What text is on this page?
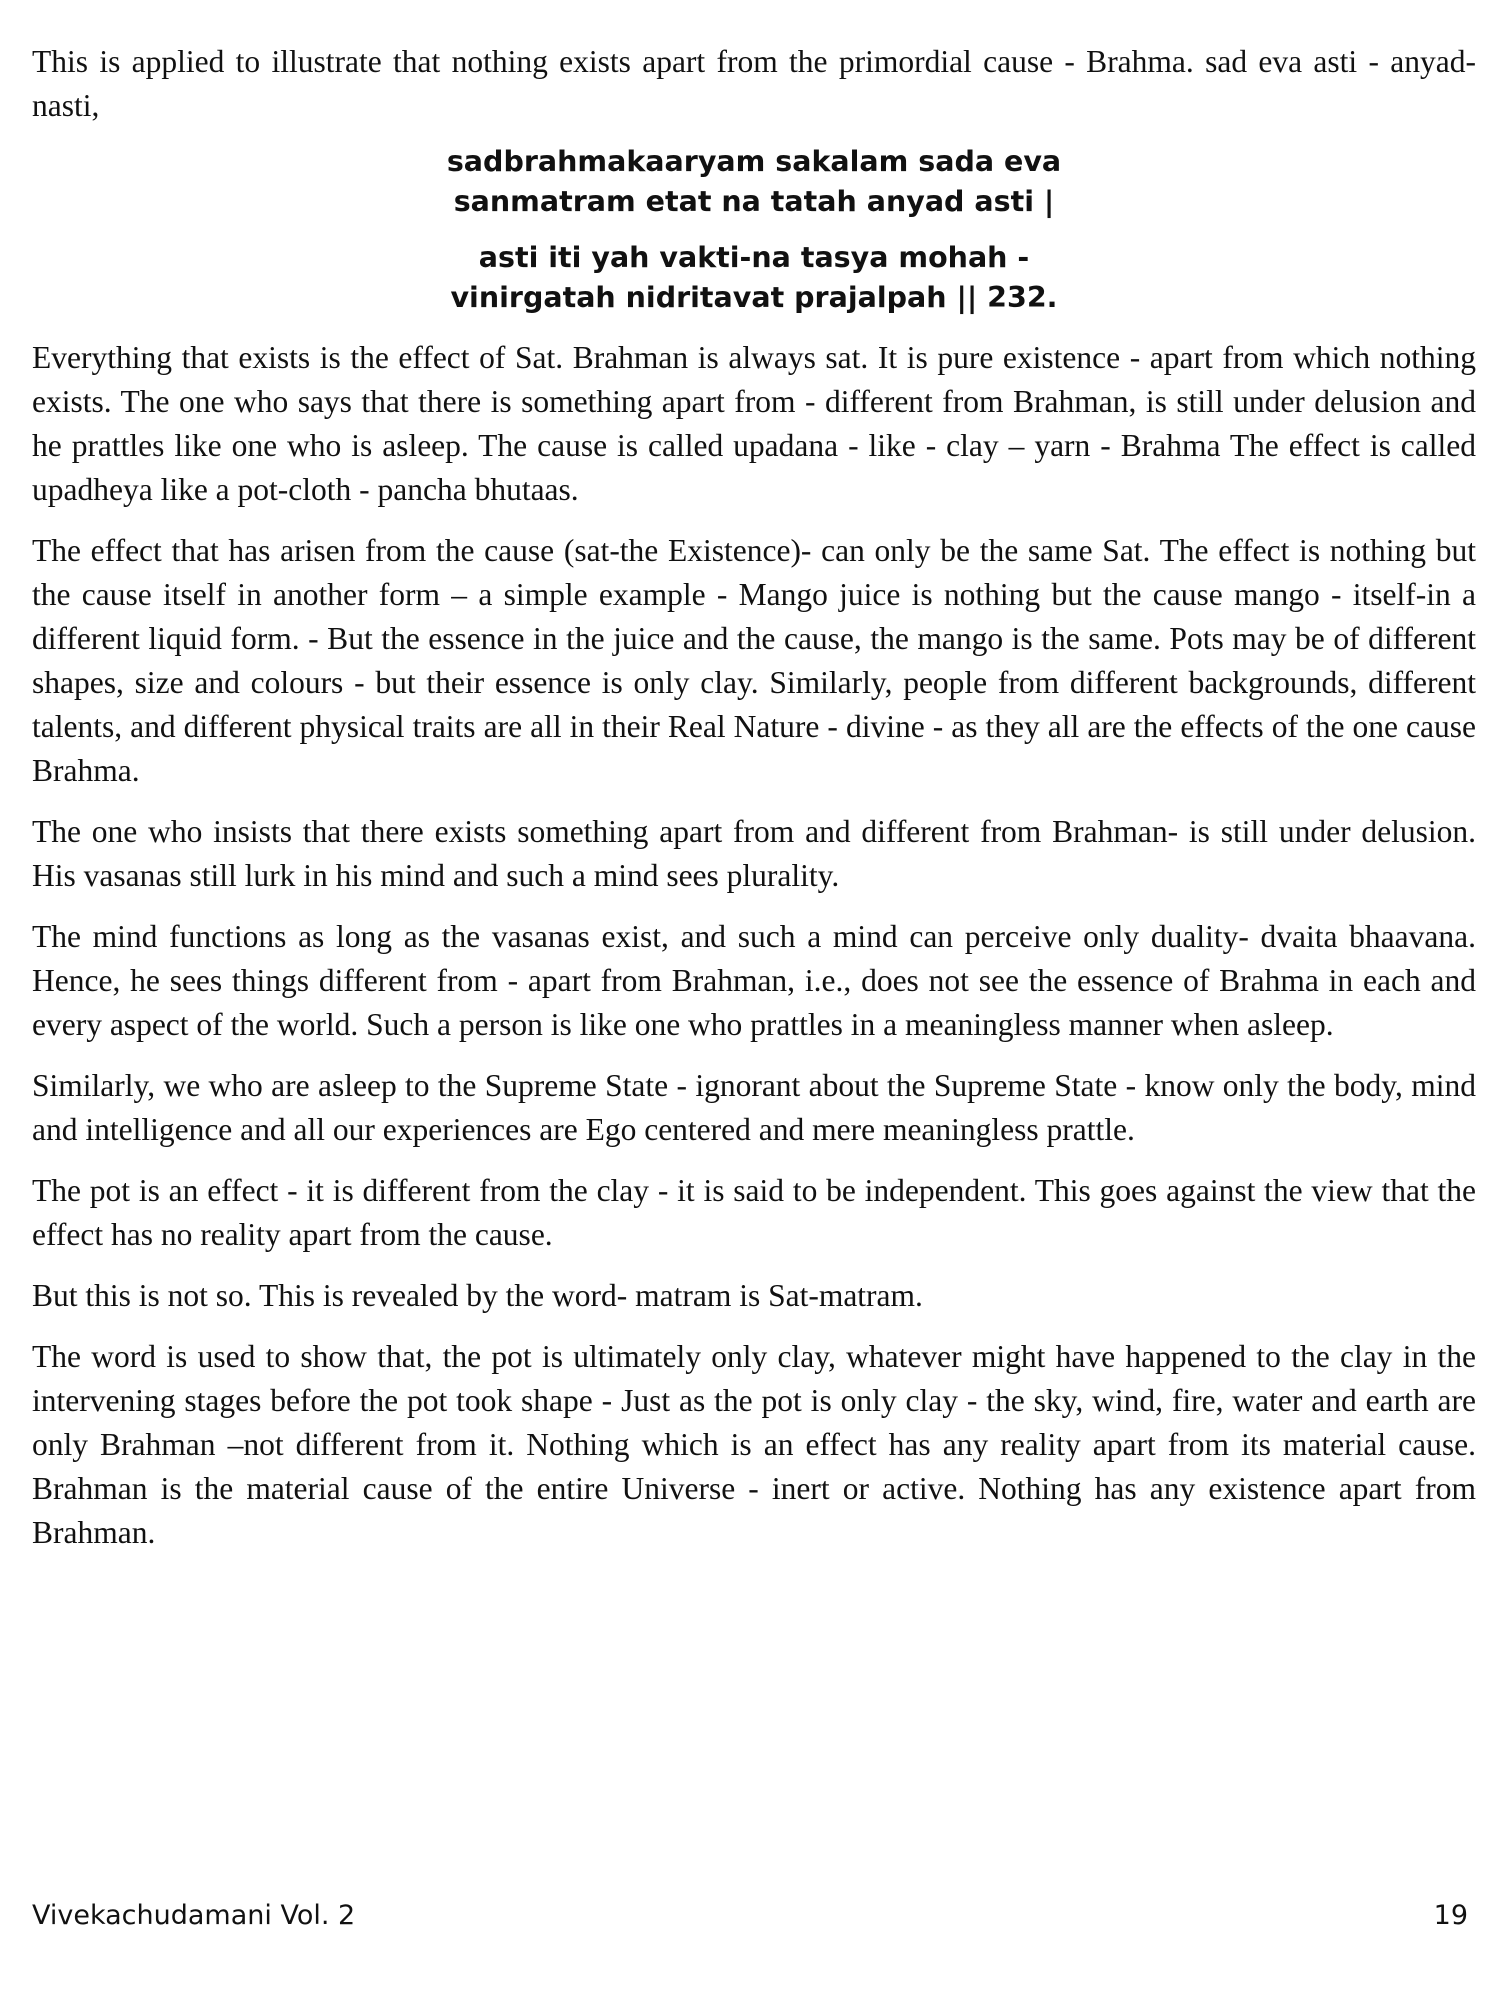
This is applied to illustrate that nothing exists apart from the primordial cause - Brahma. sad eva asti - anyad-nasti,

sadbrahmakaaryam sakalam sada eva
sanmatram etat na tatah anyad asti |
asti iti yah vakti-na tasya mohah -
vinirgatah nidritavat prajalpah || 232.

Everything that exists is the effect of Sat. Brahman is always sat. It is pure existence - apart from which nothing exists. The one who says that there is something apart from - different from Brahman, is still under delusion and he prattles like one who is asleep. The cause is called upadana - like - clay – yarn - Brahma The effect is called upadheya like a pot-cloth - pancha bhutaas.

The effect that has arisen from the cause (sat-the Existence)- can only be the same Sat. The effect is nothing but the cause itself in another form – a simple example - Mango juice is nothing but the cause mango - itself-in a different liquid form. - But the essence in the juice and the cause, the mango is the same. Pots may be of different shapes, size and colours - but their essence is only clay. Similarly, people from different backgrounds, different talents, and different physical traits are all in their Real Nature - divine - as they all are the effects of the one cause Brahma.

The one who insists that there exists something apart from and different from Brahman- is still under delusion. His vasanas still lurk in his mind and such a mind sees plurality.

The mind functions as long as the vasanas exist, and such a mind can perceive only duality- dvaita bhaavana. Hence, he sees things different from - apart from Brahman, i.e., does not see the essence of Brahma in each and every aspect of the world. Such a person is like one who prattles in a meaningless manner when asleep.

Similarly, we who are asleep to the Supreme State - ignorant about the Supreme State - know only the body, mind and intelligence and all our experiences are Ego centered and mere meaningless prattle.

The pot is an effect - it is different from the clay - it is said to be independent. This goes against the view that the effect has no reality apart from the cause.

But this is not so. This is revealed by the word- matram is Sat-matram.

The word is used to show that, the pot is ultimately only clay, whatever might have happened to the clay in the intervening stages before the pot took shape - Just as the pot is only clay - the sky, wind, fire, water and earth are only Brahman –not different from it. Nothing which is an effect has any reality apart from its material cause. Brahman is the material cause of the entire Universe - inert or active. Nothing has any existence apart from Brahman.

Vivekachudamani Vol. 2	19
